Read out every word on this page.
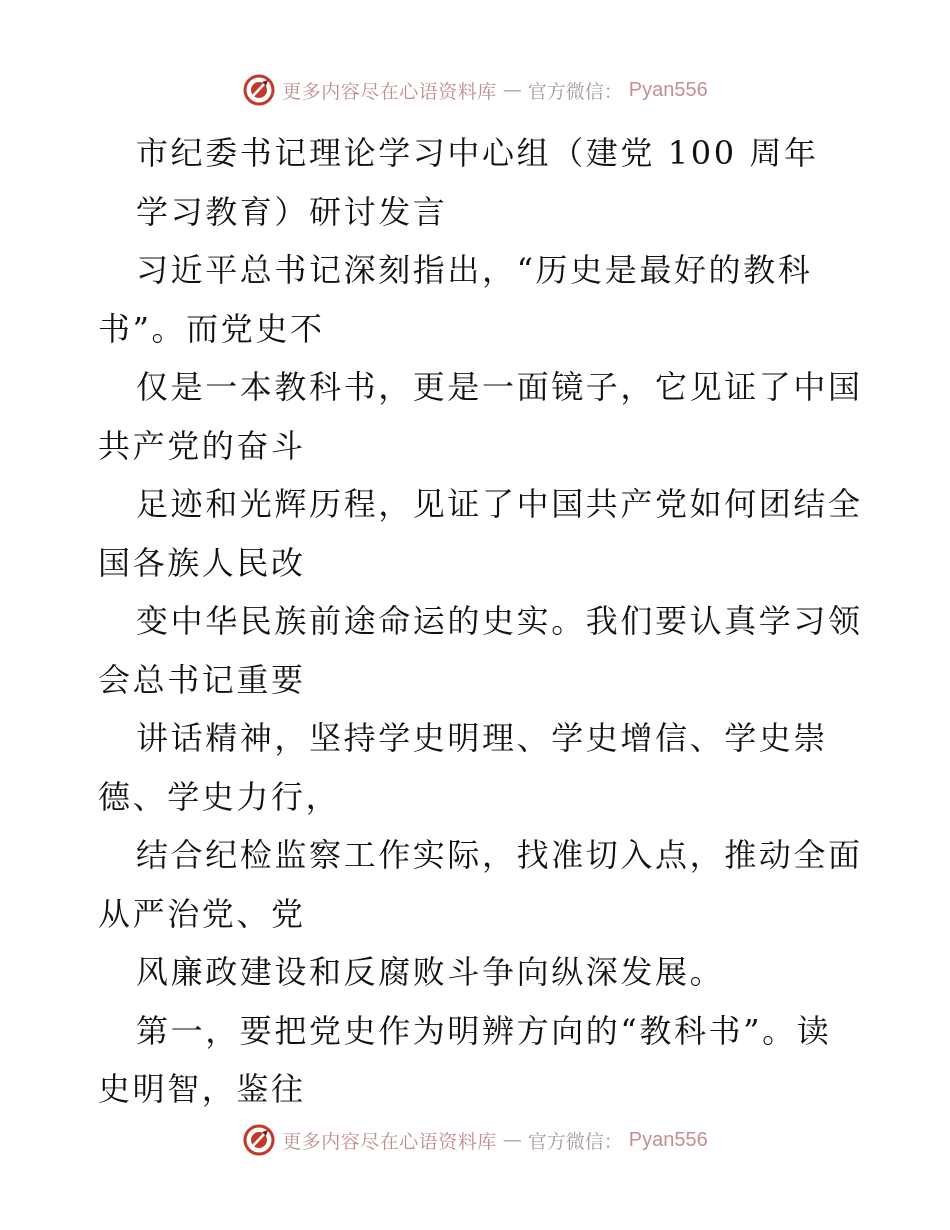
更多内容尽在心语资料库 — 官方微信： Pyan556
市纪委书记理论学习中心组（建党 100 周年
学习教育）研讨发言
习近平总书记深刻指出，“历史是最好的教科
书”。而党史不
仅是一本教科书，更是一面镜子，它见证了中国
共产党的奋斗
足迹和光辉历程，见证了中国共产党如何团结全
国各族人民改
变中华民族前途命运的史实。我们要认真学习领
会总书记重要
讲话精神，坚持学史明理、学史增信、学史崇
德、学史力行，
结合纪检监察工作实际，找准切入点，推动全面
从严治党、党
风廉政建设和反腐败斗争向纵深发展。
第一，要把党史作为明辨方向的“教科书”。读
史明智，鉴往
更多内容尽在心语资料库 — 官方微信： Pyan556
